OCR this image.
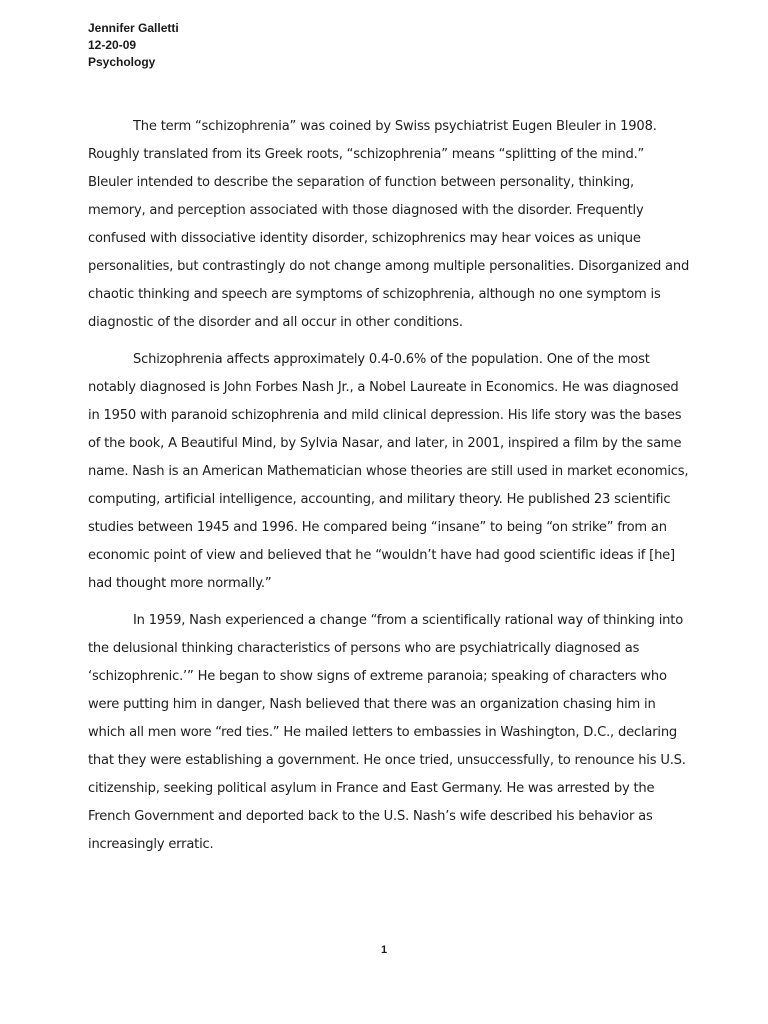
Jennifer Galletti
12-20-09
Psychology

The term “schizophrenia” was coined by Swiss psychiatrist Eugen Bleuler in 1908. Roughly translated from its Greek roots, “schizophrenia” means “splitting of the mind.” Bleuler intended to describe the separation of function between personality, thinking, memory, and perception associated with those diagnosed with the disorder. Frequently confused with dissociative identity disorder, schizophrenics may hear voices as unique personalities, but contrastingly do not change among multiple personalities. Disorganized and chaotic thinking and speech are symptoms of schizophrenia, although no one symptom is diagnostic of the disorder and all occur in other conditions.

Schizophrenia affects approximately 0.4-0.6% of the population. One of the most notably diagnosed is John Forbes Nash Jr., a Nobel Laureate in Economics. He was diagnosed in 1950 with paranoid schizophrenia and mild clinical depression. His life story was the bases of the book, A Beautiful Mind, by Sylvia Nasar, and later, in 2001, inspired a film by the same name. Nash is an American Mathematician whose theories are still used in market economics, computing, artificial intelligence, accounting, and military theory. He published 23 scientific studies between 1945 and 1996. He compared being “insane” to being “on strike” from an economic point of view and believed that he “wouldn’t have had good scientific ideas if [he] had thought more normally.”

In 1959, Nash experienced a change “from a scientifically rational way of thinking into the delusional thinking characteristics of persons who are psychiatrically diagnosed as ‘schizophrenic.’” He began to show signs of extreme paranoia; speaking of characters who were putting him in danger, Nash believed that there was an organization chasing him in which all men wore “red ties.” He mailed letters to embassies in Washington, D.C., declaring that they were establishing a government. He once tried, unsuccessfully, to renounce his U.S. citizenship, seeking political asylum in France and East Germany. He was arrested by the French Government and deported back to the U.S. Nash’s wife described his behavior as increasingly erratic.

1
